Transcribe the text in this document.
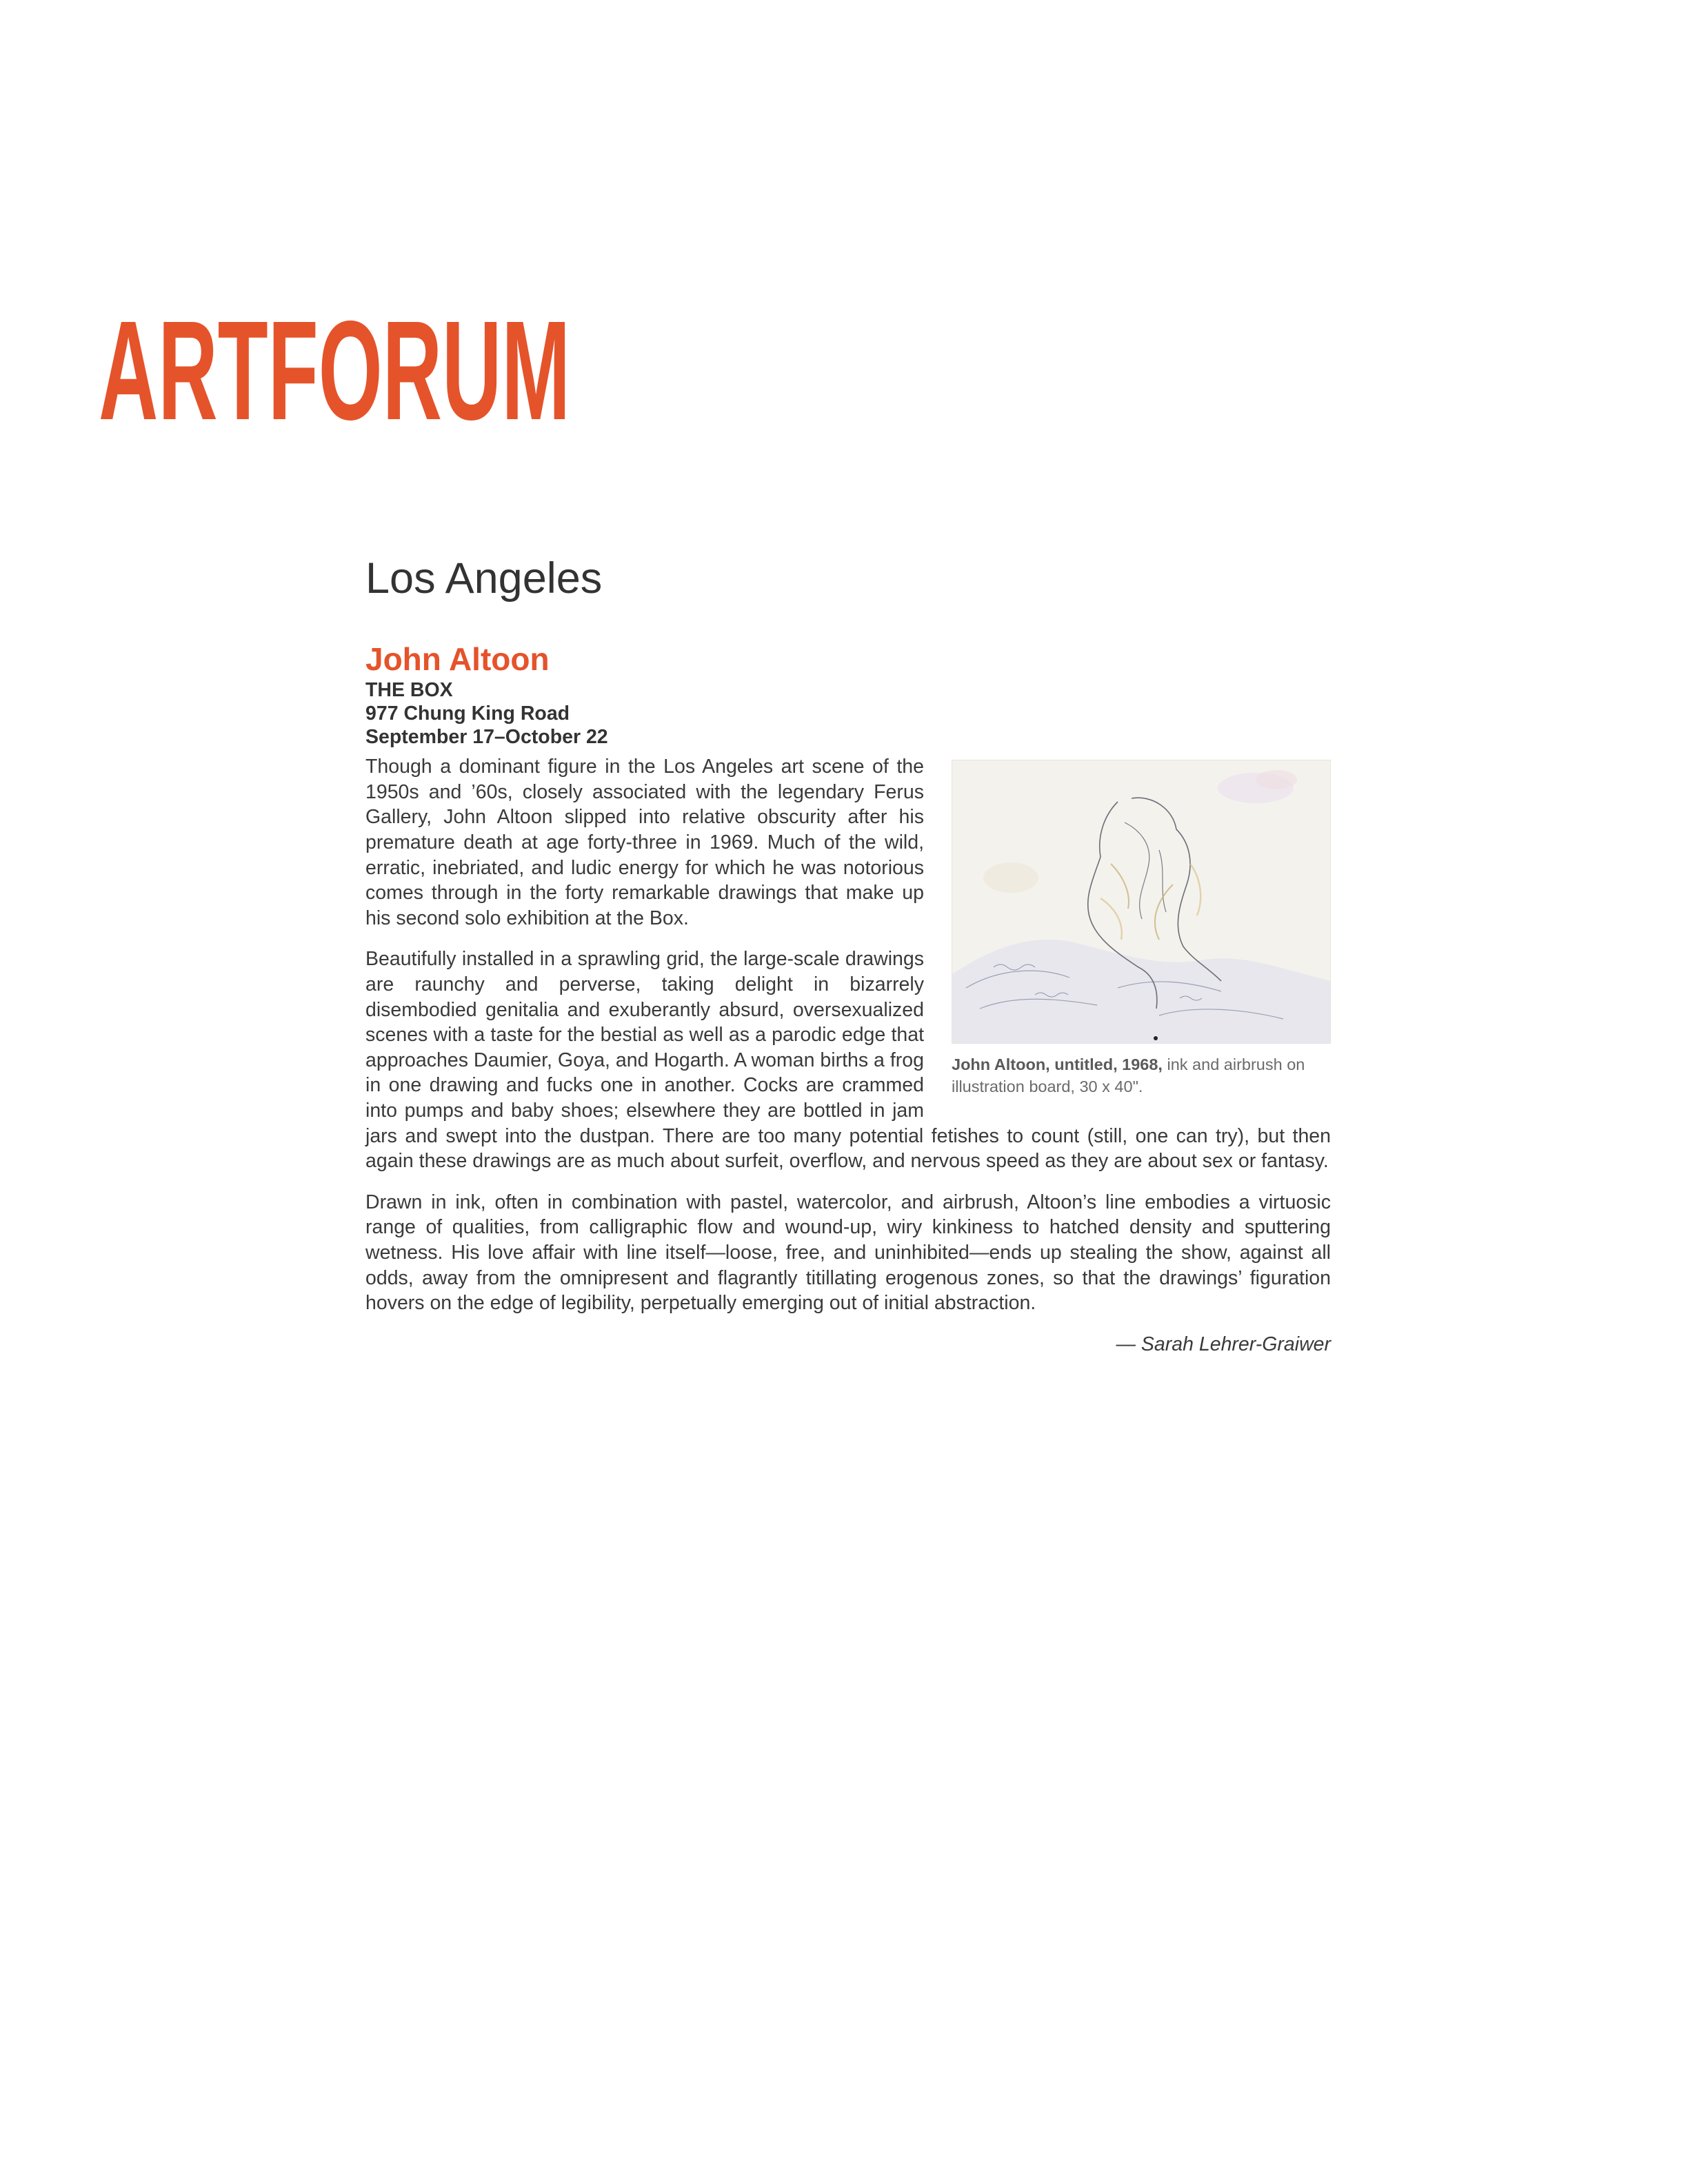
ARTFORUM
Los Angeles
John Altoon
THE BOX
977 Chung King Road
September 17–October 22
John Altoon, untitled, 1968, ink and airbrush on illustration board, 30 x 40".

Though a dominant figure in the Los Angeles art scene of the 1950s and ’60s, closely associated with the legendary Ferus Gallery, John Altoon slipped into relative obscurity after his premature death at age forty-three in 1969. Much of the wild, erratic, inebriated, and ludic energy for which he was notorious comes through in the forty remarkable drawings that make up his second solo exhibition at the Box.

Beautifully installed in a sprawling grid, the large-scale drawings are raunchy and perverse, taking delight in bizarrely disembodied genitalia and exuberantly absurd, oversexualized scenes with a taste for the bestial as well as a parodic edge that approaches Daumier, Goya, and Hogarth. A woman births a frog in one drawing and fucks one in another. Cocks are crammed into pumps and baby shoes; elsewhere they are bottled in jam jars and swept into the dustpan. There are too many potential fetishes to count (still, one can try), but then again these drawings are as much about surfeit, overflow, and nervous speed as they are about sex or fantasy.

Drawn in ink, often in combination with pastel, watercolor, and airbrush, Altoon’s line embodies a virtuosic range of qualities, from calligraphic flow and wound-up, wiry kinkiness to hatched density and sputtering wetness. His love affair with line itself—loose, free, and uninhibited—ends up stealing the show, against all odds, away from the omnipresent and flagrantly titillating erogenous zones, so that the drawings’ figuration hovers on the edge of legibility, perpetually emerging out of initial abstraction.

— Sarah Lehrer-Graiwer
